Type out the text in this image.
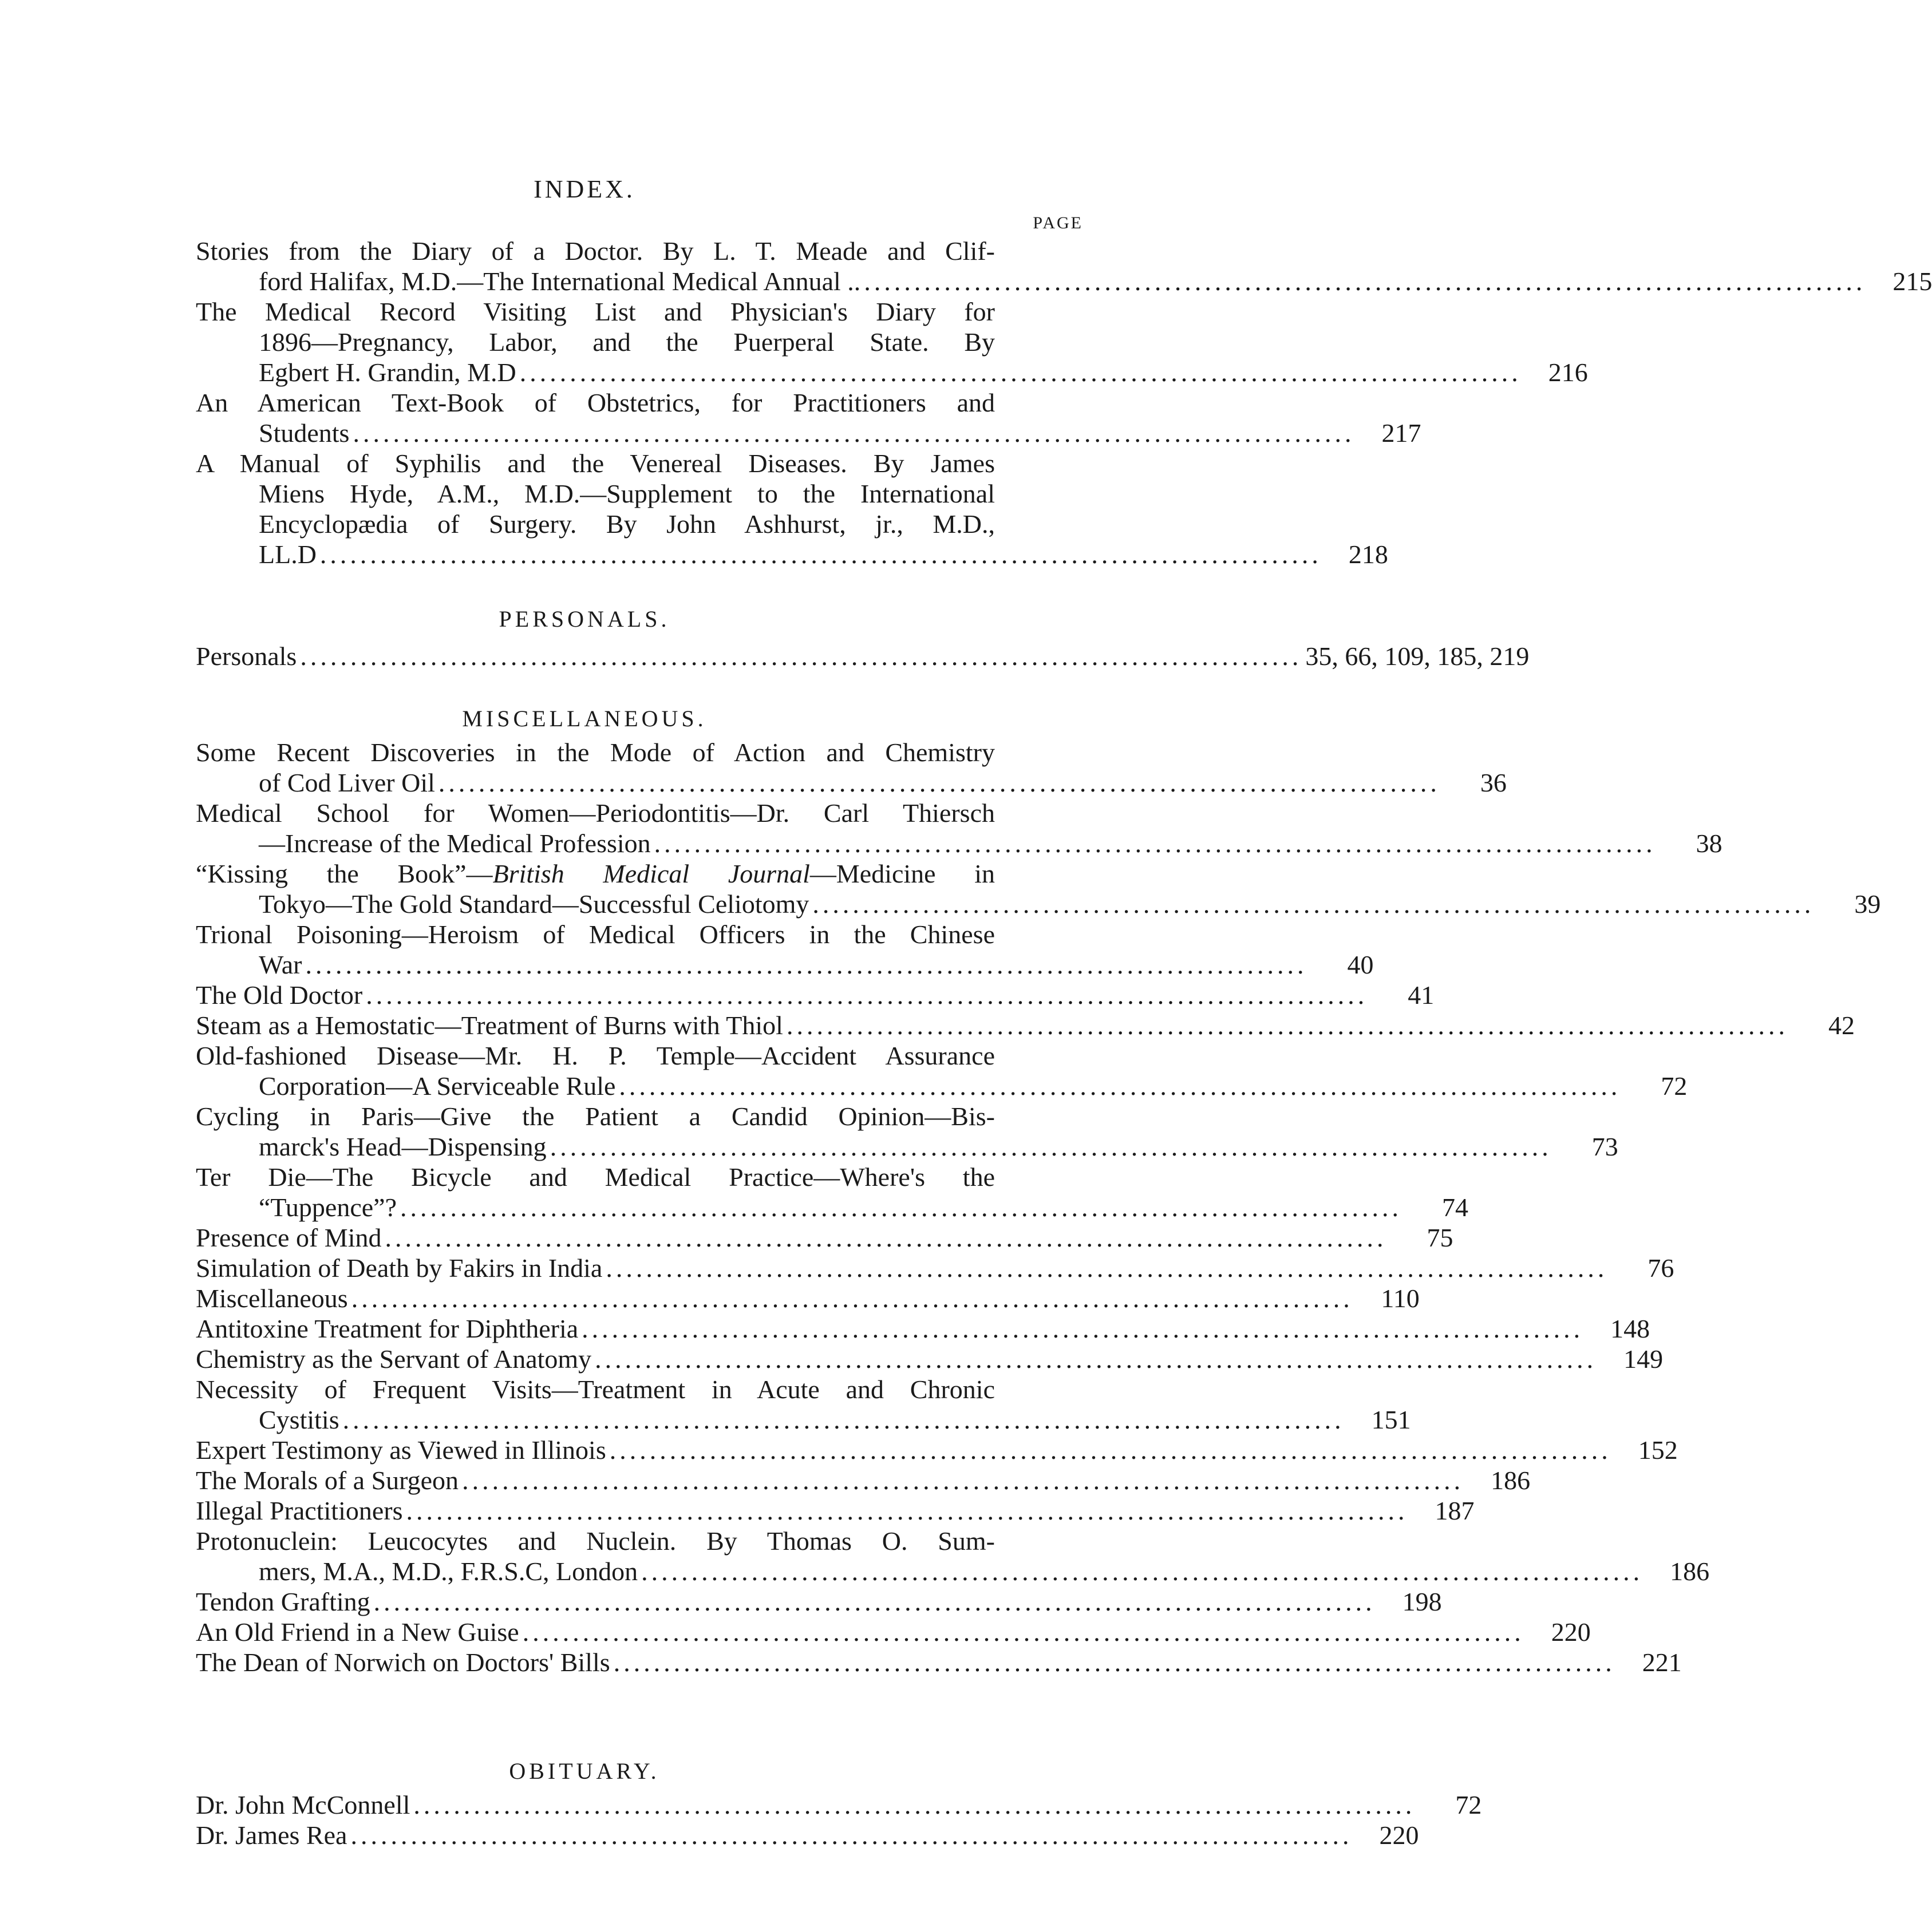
INDEX.
PAGE
Stories from the Diary of a Doctor. By L. T. Meade and Clif-
ford Halifax, M.D.—The International Medical Annual .. ....................................................................................................	215
The Medical Record Visiting List and Physician's Diary for
1896—Pregnancy, Labor, and the Puerperal State. By
Egbert H. Grandin, M.D ....................................................................................................	216
An American Text-Book of Obstetrics, for Practitioners and
Students ....................................................................................................	217
A Manual of Syphilis and the Venereal Diseases. By James
Miens Hyde, A.M., M.D.—Supplement to the International
Encyclopædia of Surgery. By John Ashhurst, jr., M.D.,
LL.D ....................................................................................................	218
PERSONALS.
Personals .................................................................................................... 35, 66, 109, 185, 219
MISCELLANEOUS.
Some Recent Discoveries in the Mode of Action and Chemistry
of Cod Liver Oil ....................................................................................................	36
Medical School for Women—Periodontitis—Dr. Carl Thiersch
—Increase of the Medical Profession ....................................................................................................	38
“Kissing the Book”—British Medical Journal—Medicine in
Tokyo—The Gold Standard—Successful Celiotomy ....................................................................................................	39
Trional Poisoning—Heroism of Medical Officers in the Chinese
War ....................................................................................................	40
The Old Doctor ....................................................................................................	41
Steam as a Hemostatic—Treatment of Burns with Thiol ....................................................................................................	42
Old-fashioned Disease—Mr. H. P. Temple—Accident Assurance
Corporation—A Serviceable Rule ....................................................................................................	72
Cycling in Paris—Give the Patient a Candid Opinion—Bis-
marck's Head—Dispensing ....................................................................................................	73
Ter Die—The Bicycle and Medical Practice—Where's the
“Tuppence”? ....................................................................................................	74
Presence of Mind ....................................................................................................	75
Simulation of Death by Fakirs in India ....................................................................................................	76
Miscellaneous ....................................................................................................	110
Antitoxine Treatment for Diphtheria ....................................................................................................	148
Chemistry as the Servant of Anatomy ....................................................................................................	149
Necessity of Frequent Visits—Treatment in Acute and Chronic
Cystitis ....................................................................................................	151
Expert Testimony as Viewed in Illinois ....................................................................................................	152
The Morals of a Surgeon ....................................................................................................	186
Illegal Practitioners ....................................................................................................	187
Protonuclein: Leucocytes and Nuclein. By Thomas O. Sum-
mers, M.A., M.D., F.R.S.C, London ....................................................................................................	186
Tendon Grafting ....................................................................................................	198
An Old Friend in a New Guise ....................................................................................................	220
The Dean of Norwich on Doctors' Bills ....................................................................................................	221
OBITUARY.
Dr. John McConnell ....................................................................................................	72
Dr. James Rea ....................................................................................................	220
